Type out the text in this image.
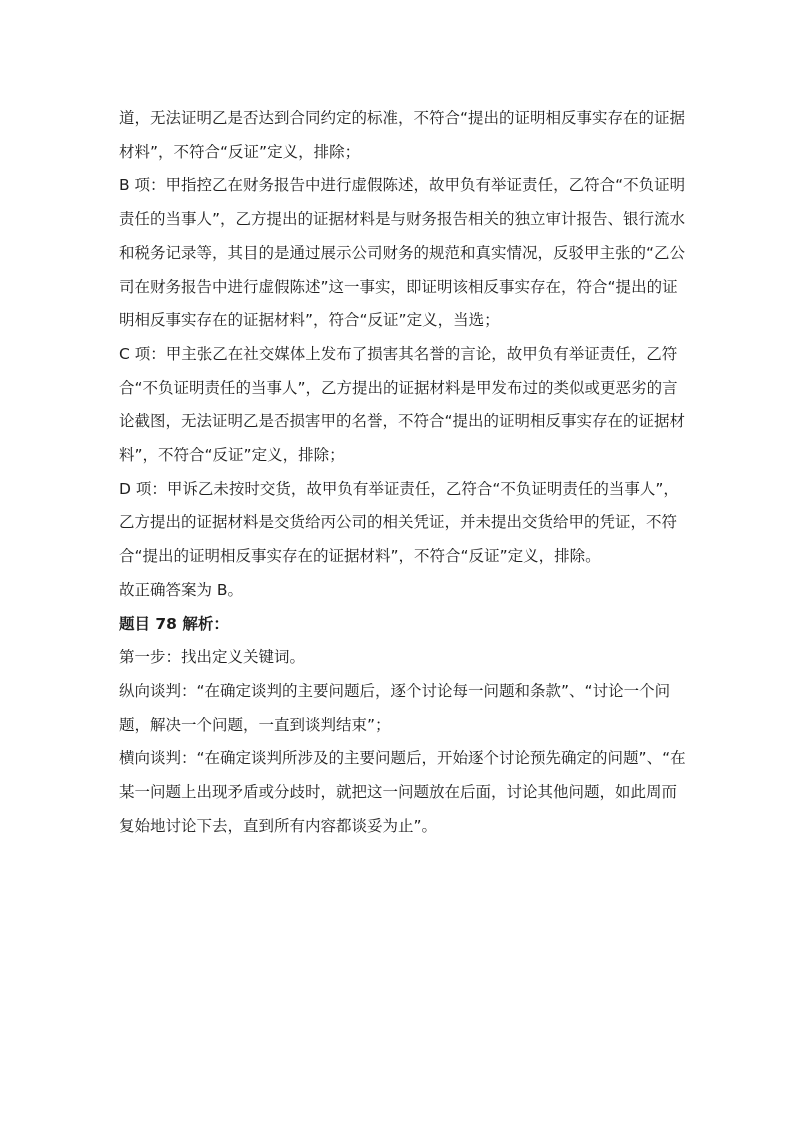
道，无法证明乙是否达到合同约定的标准，不符合“提出的证明相反事实存在的证据材料”，不符合“反证”定义，排除；

B 项：甲指控乙在财务报告中进行虚假陈述，故甲负有举证责任，乙符合“不负证明责任的当事人”，乙方提出的证据材料是与财务报告相关的独立审计报告、银行流水和税务记录等，其目的是通过展示公司财务的规范和真实情况，反驳甲主张的“乙公司在财务报告中进行虚假陈述”这一事实，即证明该相反事实存在，符合“提出的证明相反事实存在的证据材料”，符合“反证”定义，当选；

C 项：甲主张乙在社交媒体上发布了损害其名誉的言论，故甲负有举证责任，乙符合“不负证明责任的当事人”，乙方提出的证据材料是甲发布过的类似或更恶劣的言论截图，无法证明乙是否损害甲的名誉，不符合“提出的证明相反事实存在的证据材料”，不符合“反证”定义，排除；

D 项：甲诉乙未按时交货，故甲负有举证责任，乙符合“不负证明责任的当事人”，乙方提出的证据材料是交货给丙公司的相关凭证，并未提出交货给甲的凭证，不符合“提出的证明相反事实存在的证据材料”，不符合“反证”定义，排除。

故正确答案为 B。

题目 78 解析：

第一步：找出定义关键词。

纵向谈判：“在确定谈判的主要问题后，逐个讨论每一问题和条款”、“讨论一个问题，解决一个问题，一直到谈判结束”；

横向谈判：“在确定谈判所涉及的主要问题后，开始逐个讨论预先确定的问题”、“在某一问题上出现矛盾或分歧时，就把这一问题放在后面，讨论其他问题，如此周而复始地讨论下去，直到所有内容都谈妥为止”。
